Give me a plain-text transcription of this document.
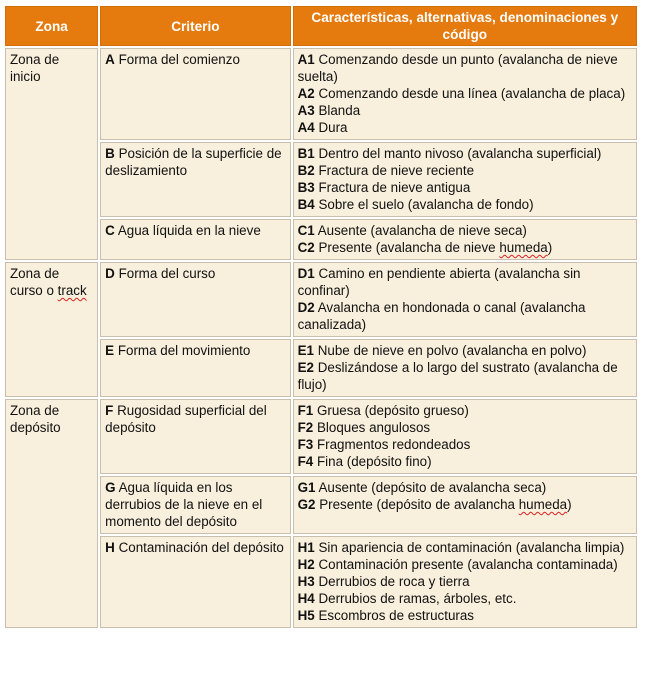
Zona	Criterio	Características, alternativas, denominaciones y código
Zona de inicio	A Forma del comienzo	A1 Comenzando desde un punto (avalancha de nieve suelta)
A2 Comenzando desde una línea (avalancha de placa)
A3 Blanda
A4 Dura

	B Posición de la superficie de deslizamiento	B1 Dentro del manto nivoso (avalancha superficial)
B2 Fractura de nieve reciente
B3 Fractura de nieve antigua
B4 Sobre el suelo (avalancha de fondo)

	C Agua líquida en la nieve	C1 Ausente (avalancha de nieve seca)
C2 Presente (avalancha de nieve humeda)

Zona de curso o track	D Forma del curso	D1 Camino en pendiente abierta (avalancha sin confinar)
D2 Avalancha en hondonada o canal (avalancha canalizada)

	E Forma del movimiento	E1 Nube de nieve en polvo (avalancha en polvo)
E2 Deslizándose a lo largo del sustrato (avalancha de flujo)

Zona de depósito	F Rugosidad superficial del depósito	F1 Gruesa (depósito grueso)
F2 Bloques angulosos
F3 Fragmentos redondeados
F4 Fina (depósito fino)

	G Agua líquida en los derrubios de la nieve en el momento del depósito	G1 Ausente (depósito de avalancha seca)
G2 Presente (depósito de avalancha humeda)

	H Contaminación del depósito	H1 Sin apariencia de contaminación (avalancha limpia)
H2 Contaminación presente (avalancha contaminada)
H3 Derrubios de roca y tierra
H4 Derrubios de ramas, árboles, etc.
H5 Escombros de estructuras
